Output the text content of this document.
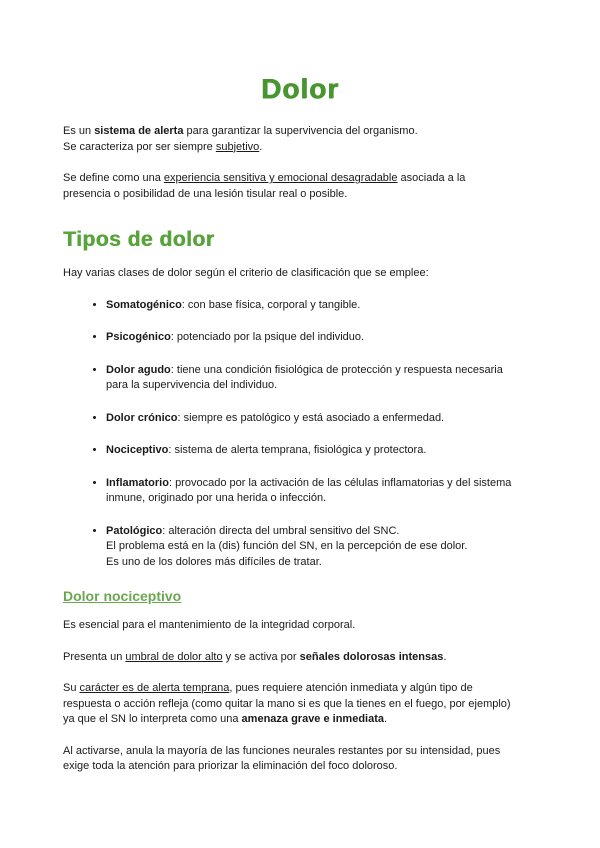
Dolor

Es un sistema de alerta para garantizar la supervivencia del organismo.
Se caracteriza por ser siempre subjetivo.

Se define como una experiencia sensitiva y emocional desagradable asociada a la
presencia o posibilidad de una lesión tisular real o posible.

Tipos de dolor

Hay varias clases de dolor según el criterio de clasificación que se emplee:

• Somatogénico: con base física, corporal y tangible.
• Psicogénico: potenciado por la psique del individuo.
• Dolor agudo: tiene una condición fisiológica de protección y respuesta necesaria
para la supervivencia del individuo.
• Dolor crónico: siempre es patológico y está asociado a enfermedad.
• Nociceptivo: sistema de alerta temprana, fisiológica y protectora.
• Inflamatorio: provocado por la activación de las células inflamatorias y del sistema
inmune, originado por una herida o infección.
• Patológico: alteración directa del umbral sensitivo del SNC.
El problema está en la (dis) función del SN, en la percepción de ese dolor.
Es uno de los dolores más difíciles de tratar.
Dolor nociceptivo

Es esencial para el mantenimiento de la integridad corporal.

Presenta un umbral de dolor alto y se activa por señales dolorosas intensas.

Su carácter es de alerta temprana, pues requiere atención inmediata y algún tipo de
respuesta o acción refleja (como quitar la mano si es que la tienes en el fuego, por ejemplo)
ya que el SN lo interpreta como una amenaza grave e inmediata.

Al activarse, anula la mayoría de las funciones neurales restantes por su intensidad, pues
exige toda la atención para priorizar la eliminación del foco doloroso.
